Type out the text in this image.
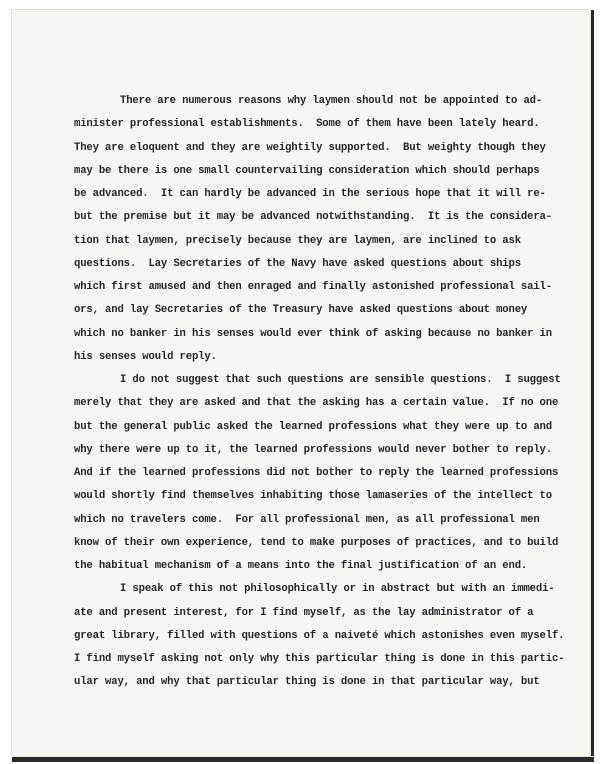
There are numerous reasons why laymen should not be appointed to ad-
minister professional establishments.  Some of them have been lately heard.
They are eloquent and they are weightily supported.  But weighty though they
may be there is one small countervailing consideration which should perhaps
be advanced.  It can hardly be advanced in the serious hope that it will re-
but the premise but it may be advanced notwithstanding.  It is the considera-
tion that laymen, precisely because they are laymen, are inclined to ask
questions.  Lay Secretaries of the Navy have asked questions about ships
which first amused and then enraged and finally astonished professional sail-
ors, and lay Secretaries of the Treasury have asked questions about money
which no banker in his senses would ever think of asking because no banker in
his senses would reply.
I do not suggest that such questions are sensible questions.  I suggest
merely that they are asked and that the asking has a certain value.  If no one
but the general public asked the learned professions what they were up to and
why there were up to it, the learned professions would never bother to reply.
And if the learned professions did not bother to reply the learned professions
would shortly find themselves inhabiting those lamaseries of the intellect to
which no travelers come.  For all professional men, as all professional men
know of their own experience, tend to make purposes of practices, and to build
the habitual mechanism of a means into the final justification of an end.
I speak of this not philosophically or in abstract but with an immedi-
ate and present interest, for I find myself, as the lay administrator of a
great library, filled with questions of a naiveté which astonishes even myself.
I find myself asking not only why this particular thing is done in this partic-
ular way, and why that particular thing is done in that particular way, but
